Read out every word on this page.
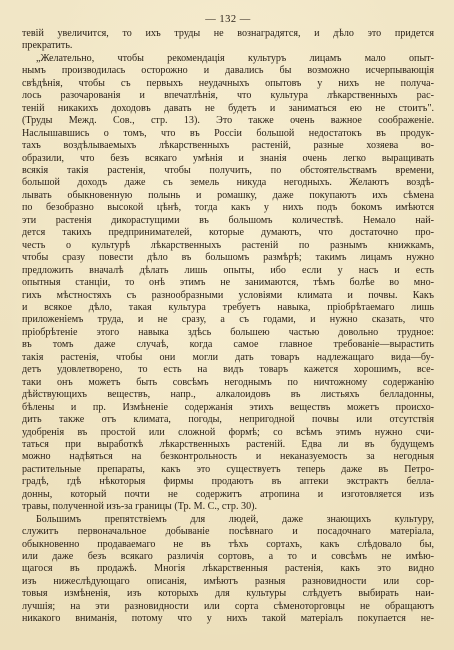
— 132 —
тевій увеличится, то ихъ труды не вознаградятся, и дѣло это придется
прекратить.
„Желательно, чтобы рекомендація культуръ лицамъ мало опыт-
нымъ производилась осторожно и давались бы возможно исчерпывающія
свѣдѣнія, чтобы съ первыхъ неудачныхъ опытовъ у нихъ не получа-
лось разочарованія и впечатлѣнія, что культура лѣкарственныхъ рас-
теній никакихъ доходовъ давать не будетъ и заниматься ею не стоитъ".
(Труды Межд. Сов., стр. 13). Это также очень важное соображеніе.
Наслышавшись о томъ, что въ Россіи большой недостатокъ въ продук-
тахъ воздѣлываемыхъ лѣкарственныхъ растеній, разные хозяева во-
образили, что безъ всякаго умѣнія и знанія очень легко выращивать
всякія такія растенія, чтобы получить, по обстоятельствамъ времени,
большой доходъ даже съ земель никуда негодныхъ. Желаютъ воздѣ-
лывать обыкновенную полынь и ромашку, даже покупаютъ ихъ сѣмена
по безобразно высокой цѣнѣ, тогда какъ у нихъ подъ бокомъ имѣются
эти растенія дикорастущими въ большомъ количествѣ. Немало най-
дется такихъ предпринимателей, которые думаютъ, что достаточно про-
честь о культурѣ лѣкарственныхъ растеній по разнымъ книжкамъ,
чтобы сразу повести дѣло въ большомъ размѣрѣ; такимъ лицамъ нужно
предложить вначалѣ дѣлать лишь опыты, ибо если у насъ и есть
опытныя станціи, то онѣ этимъ не занимаются, тѣмъ болѣе во мно-
гихъ мѣстностяхъ съ разнообразными условіями климата и почвы. Какъ
и всякое дѣло, такая культура требуетъ навыка, пріобрѣтаемаго лишь
приложеніемъ труда, и не сразу, а съ годами, и нужно сказать, что
пріобрѣтеніе этого навыка здѣсь большею частью довольно трудное:
въ томъ даже случаѣ, когда самое главное требованіе—вырастить
такія растенія, чтобы они могли дать товаръ надлежащаго вида—бу-
детъ удовлетворено, то есть на видъ товаръ кажется хорошимъ, все-
таки онъ можетъ быть совсѣмъ негоднымъ по ничтожному содержанію
дѣйствующихъ веществъ, напр., алкалоидовъ въ листьяхъ белладонны,
бѣлены и пр. Измѣненіе содержанія этихъ веществъ можетъ происхо-
дить также отъ климата, погоды, непригодной почвы или отсутствія
удобренія въ простой или сложной формѣ; со всѣмъ этимъ нужно счи-
таться при выработкѣ лѣкарственныхъ растеній. Едва ли въ будущемъ
можно надѣяться на безконтрольность и неканазуемость за негодныя
растительные препараты, какъ это существуетъ теперь даже въ Петро-
градѣ, гдѣ нѣкоторыя фирмы продаютъ въ аптеки экстрактъ белла-
донны, который почти не содержитъ атропина и изготовляется изъ
травы, полученной изъ-за границы (Тр. М. С., стр. 30).
Большимъ препятствіемъ для людей, даже знающихъ культуру,
служитъ первоначальное добываніе посѣвнаго и посадочнаго матеріала,
обыкновенно продаваемаго не въ тѣхъ сортахъ, какъ слѣдовало бы,
или даже безъ всякаго различія сортовъ, а то и совсѣмъ не имѣю-
щагося въ продажѣ. Многія лѣкарственныя растенія, какъ это видно
изъ нижеслѣдующаго описанія, имѣютъ разныя разновидности или сор-
товыя измѣненія, изъ которыхъ для культуры слѣдуетъ выбирать наи-
лучшія; на эти разновидности или сорта сѣменоторговцы не обращаютъ
никакого вниманія, потому что у нихъ такой матеріалъ покупается не-
